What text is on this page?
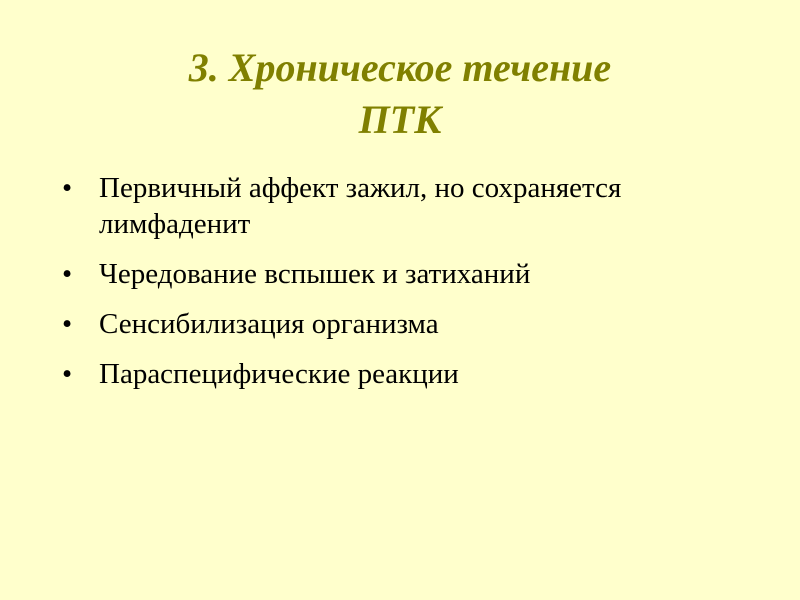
3. Хроническое течение
ПТК
• Первичный аффект зажил, но сохраняется лимфаденит
• Чередование вспышек и затиханий
• Сенсибилизация организма
• Параспецифические реакции
